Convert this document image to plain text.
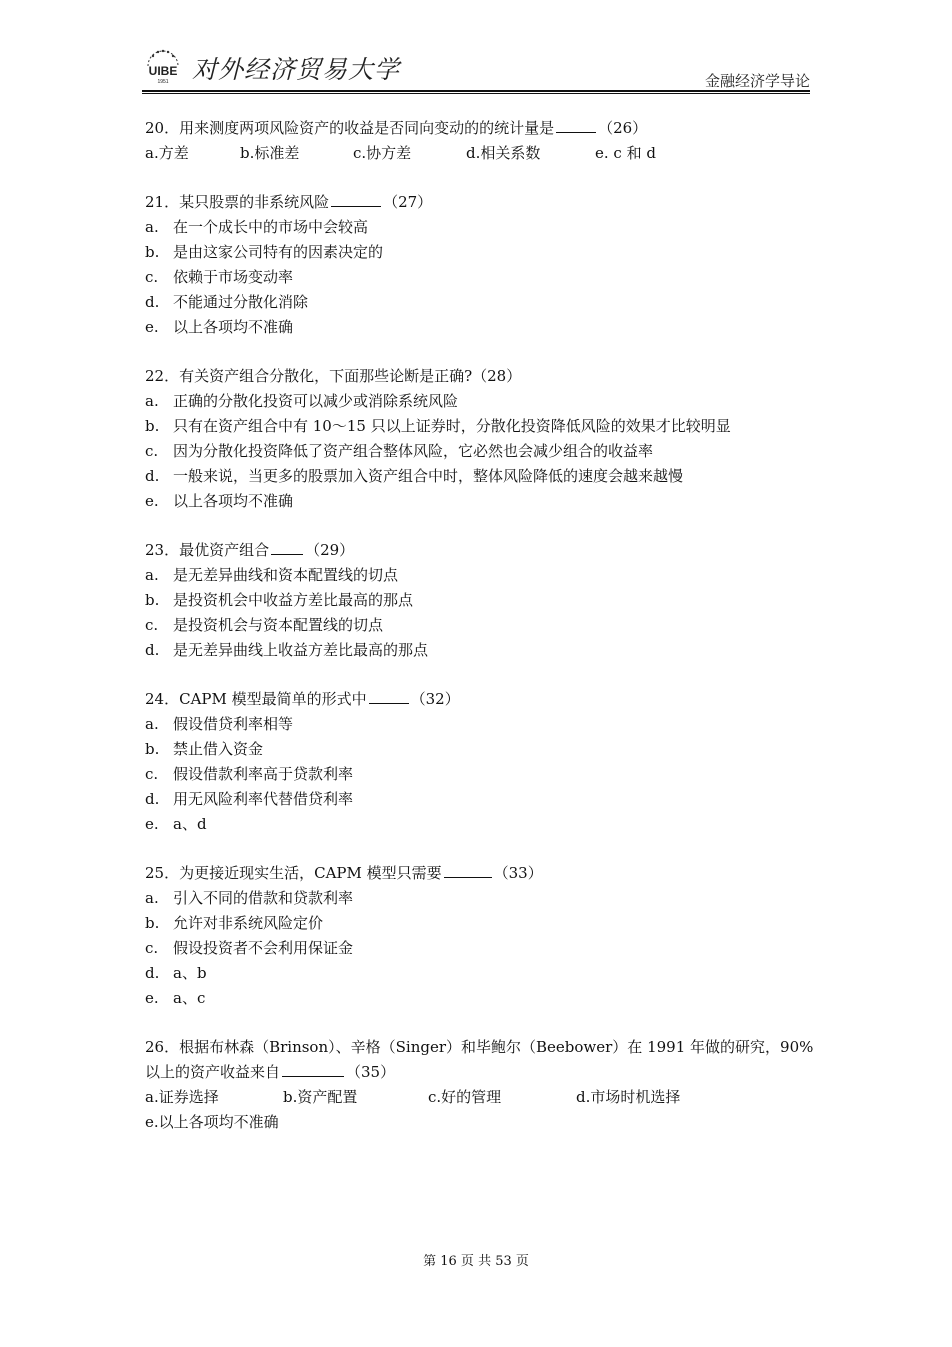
UIBE
1951 对外经济贸易大学	金融经济学导论
20．用来测度两项风险资产的收益是否同向变动的的统计量是	（26）
a.方差	b.标准差	c.协方差	d.相关系数	e. c 和 d
21．某只股票的非系统风险	（27）
a. 在一个成长中的市场中会较高
b. 是由这家公司特有的因素决定的
c. 依赖于市场变动率
d. 不能通过分散化消除
e. 以上各项均不准确
22．有关资产组合分散化，下面那些论断是正确?（28）
a. 正确的分散化投资可以减少或消除系统风险
b. 只有在资产组合中有 10～15 只以上证券时，分散化投资降低风险的效果才比较明显
c. 因为分散化投资降低了资产组合整体风险，它必然也会减少组合的收益率
d. 一般来说，当更多的股票加入资产组合中时，整体风险降低的速度会越来越慢
e. 以上各项均不准确
23．最优资产组合 （29）
a. 是无差异曲线和资本配置线的切点
b. 是投资机会中收益方差比最高的那点
c. 是投资机会与资本配置线的切点
d. 是无差异曲线上收益方差比最高的那点
24．CAPM 模型最简单的形式中	（32）
a. 假设借贷利率相等
b. 禁止借入资金
c. 假设借款利率高于贷款利率
d. 用无风险利率代替借贷利率
e. a、d
25．为更接近现实生活，CAPM 模型只需要	（33）
a. 引入不同的借款和贷款利率
b. 允许对非系统风险定价
c. 假设投资者不会利用保证金
d. a、b
e. a、c
26．根据布林森（Brinson）、辛格（Singer）和毕鲍尔（Beebower）在 1991 年做的研究，90%
以上的资产收益来自	（35）
a.证券选择	b.资产配置	c.好的管理	d.市场时机选择
e.以上各项均不准确
第 16 页 共 53 页
